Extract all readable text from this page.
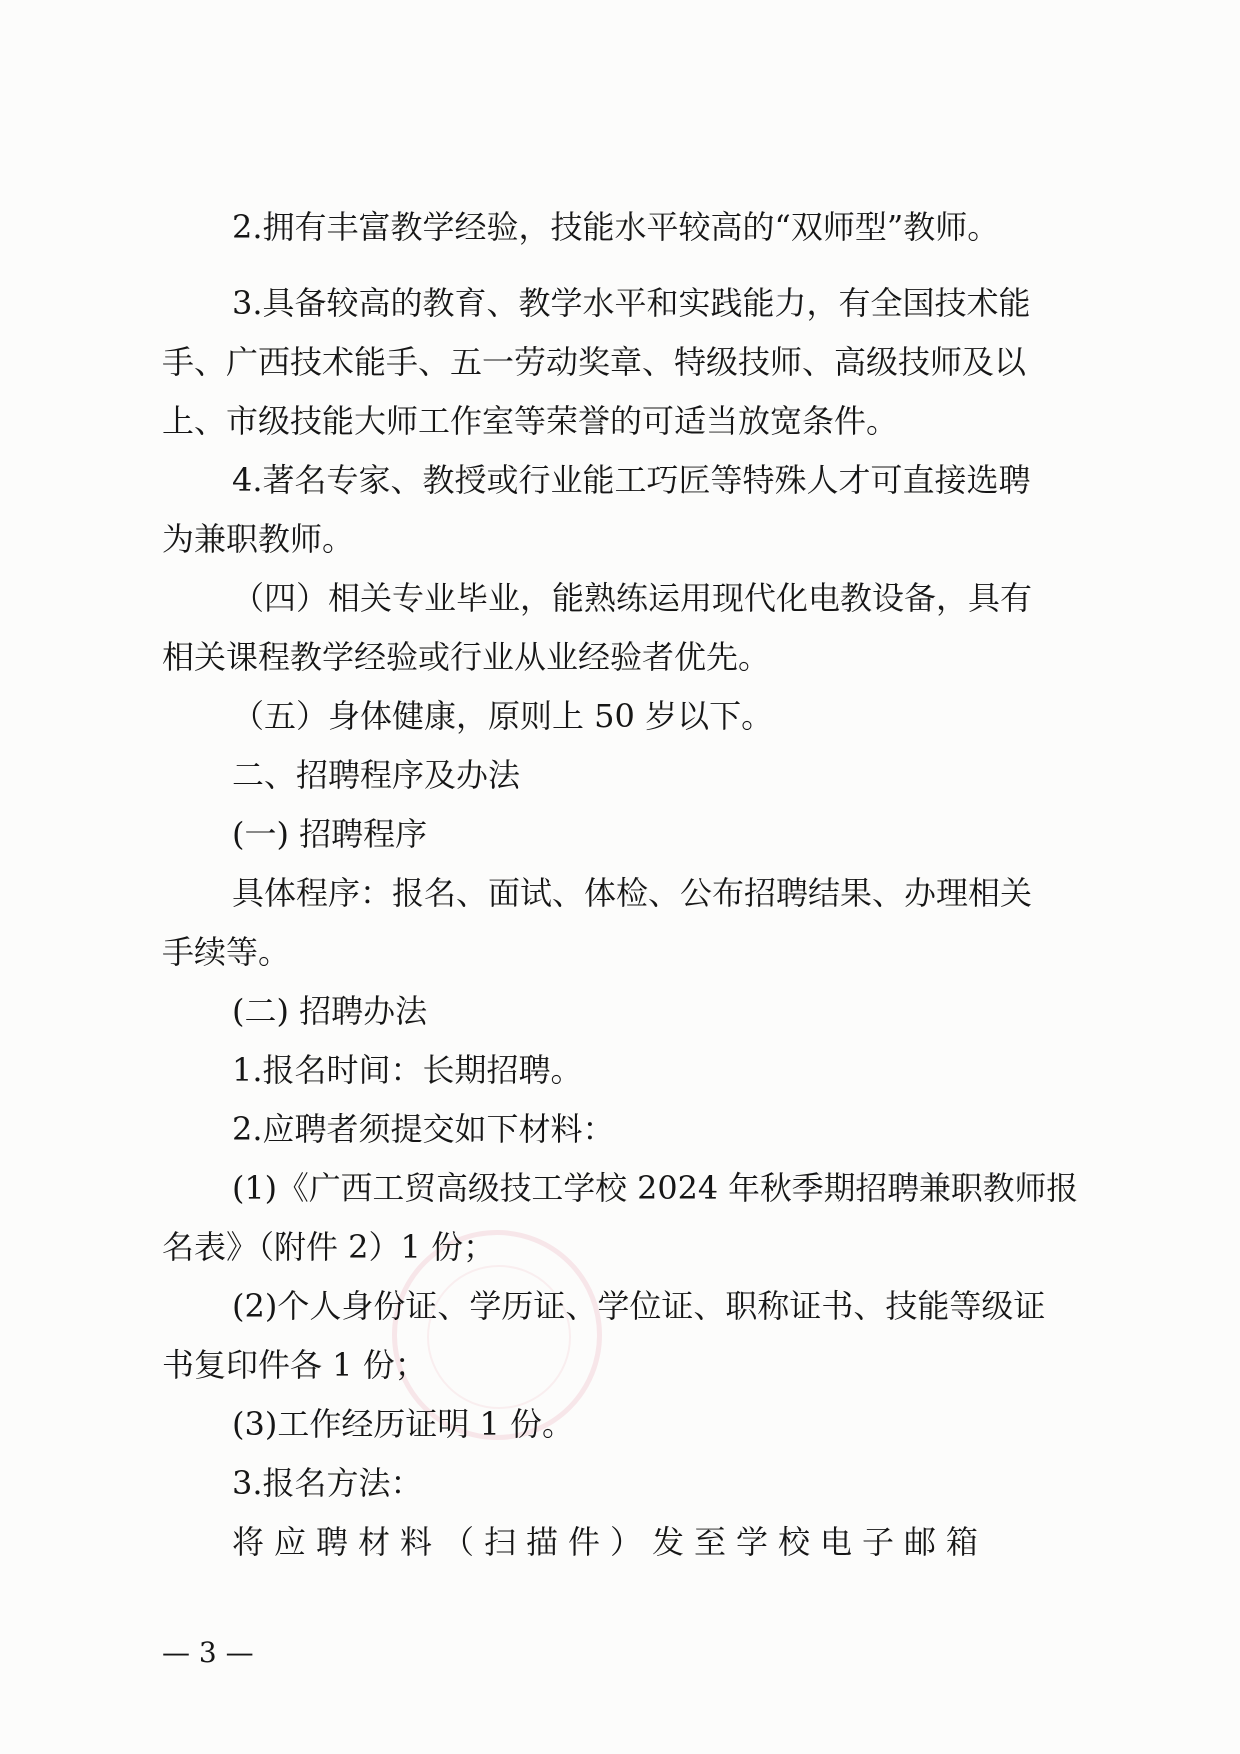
2.拥有丰富教学经验，技能水平较高的“双师型”教师。

3.具备较高的教育、教学水平和实践能力，有全国技术能

手、广西技术能手、五一劳动奖章、特级技师、高级技师及以

上、市级技能大师工作室等荣誉的可适当放宽条件。

4.著名专家、教授或行业能工巧匠等特殊人才可直接选聘

为兼职教师。

（四）相关专业毕业，能熟练运用现代化电教设备，具有

相关课程教学经验或行业从业经验者优先。

（五）身体健康，原则上 50 岁以下。

二、招聘程序及办法

(一) 招聘程序

具体程序：报名、面试、体检、公布招聘结果、办理相关

手续等。

(二) 招聘办法

1.报名时间：长期招聘。

2.应聘者须提交如下材料：

(1)《广西工贸高级技工学校 2024 年秋季期招聘兼职教师报

名表》（附件 2）1 份；

(2)个人身份证、学历证、学位证、职称证书、技能等级证

书复印件各 1 份；

(3)工作经历证明 1 份。

3.报名方法：

将应聘材料（扫描件）发至学校电子邮箱

— 3 —
